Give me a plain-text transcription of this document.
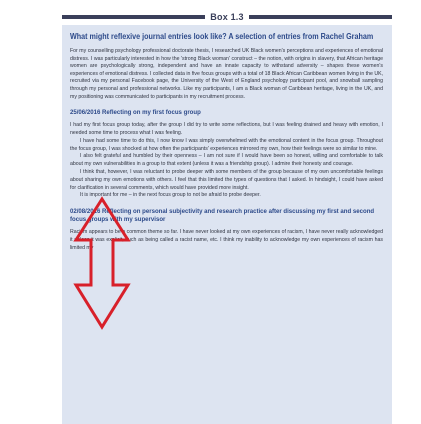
Box 1.3
What might reflexive journal entries look like? A selection of entries from Rachel Graham

For my counselling psychology professional doctorate thesis, I researched UK Black women's perceptions and experiences of emotional distress. I was particularly interested in how the 'strong Black woman' construct – the notion, with origins in slavery, that African heritage women are psychologically strong, independent and have an innate capacity to withstand adversity – shapes these women's experiences of emotional distress. I collected data in five focus groups with a total of 18 Black African Caribbean women living in the UK, recruited via my personal Facebook page, the University of the West of England psychology participant pool, and snowball sampling through my personal and professional networks. Like my participants, I am a Black woman of Caribbean heritage, living in the UK, and my positioning was communicated to participants in my recruitment process.

25/06/2016 Reflecting on my first focus group

I had my first focus group today, after the group I did try to write some reflections, but I was feeling drained and heavy with emotion, I needed some time to process what I was feeling.

I have had some time to do this, I now know I was simply overwhelmed with the emotional content in the focus group. Throughout the focus group, I was shocked at how often the participants' experiences mirrored my own, how their feelings were so similar to mine.

I also felt grateful and humbled by their openness – I am not sure if I would have been so honest, willing and comfortable to talk about my own vulnerabilities in a group to that extent (unless it was a friendship group). I admire their honesty and courage.

I think that, however, I was reluctant to probe deeper with some members of the group because of my own uncomfortable feelings about sharing my own emotions with others. I feel that this limited the types of questions that I asked. In hindsight, I could have asked for clarification in several comments, which would have provided more insight.

It is important for me – in the next focus group to not be afraid to probe deeper.

02/08/2016 Reflecting on personal subjectivity and research practice after discussing my first and second focus groups with my supervisor

Racism appears to be a common theme so far. I have never looked at my own experiences of racism, I have never really acknowledged it unless it was explicit, such as being called a racist name, etc. I think my inability to acknowledge my own experiences of racism has limited my
